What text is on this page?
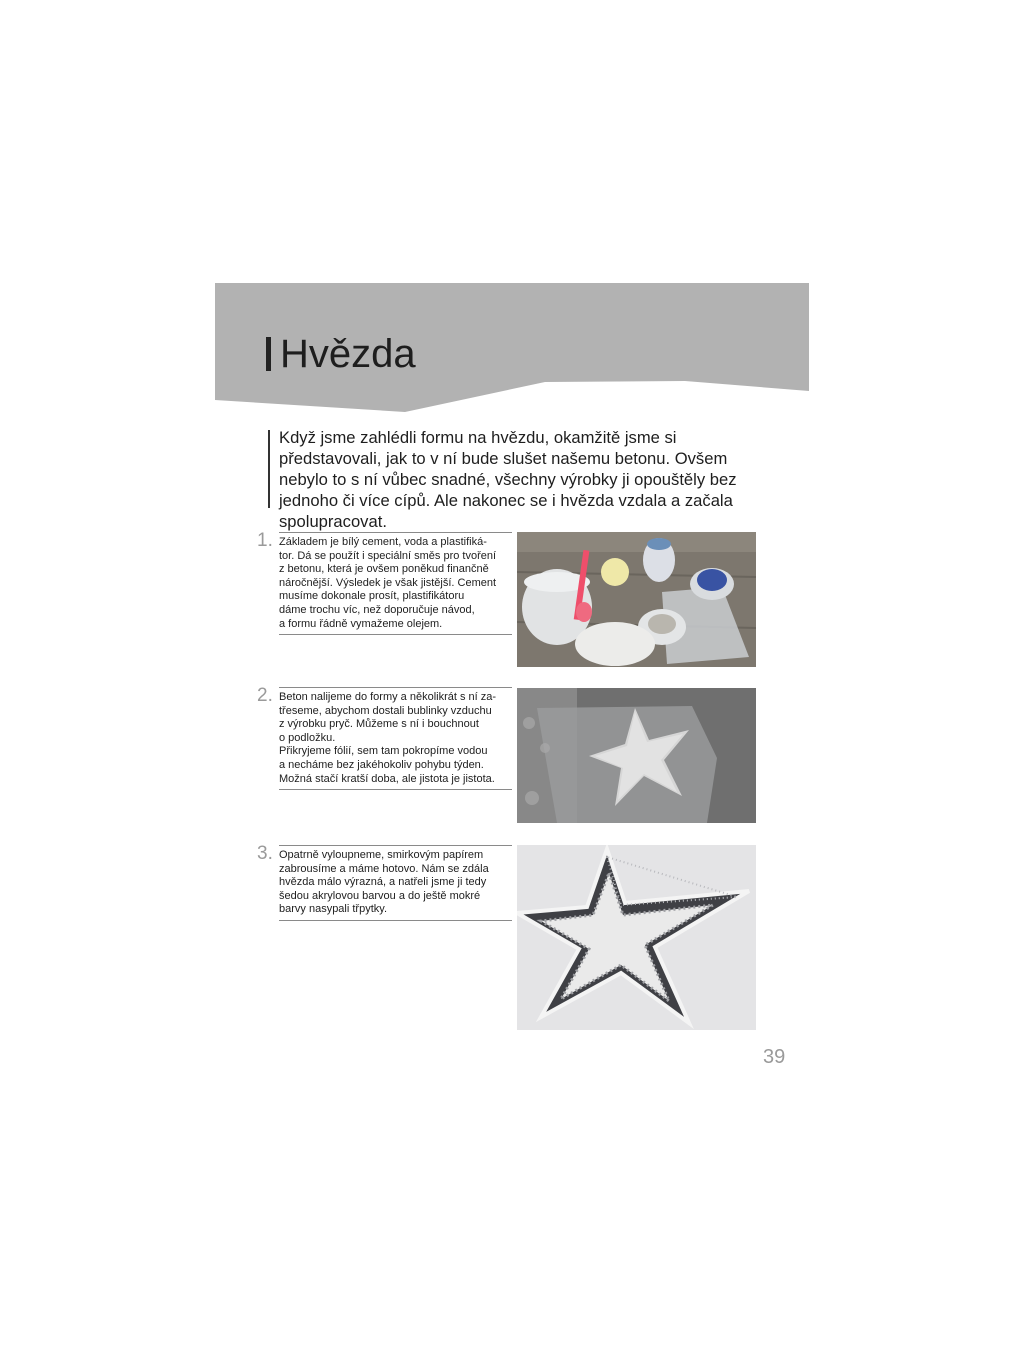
Hvězda

Když jsme zahlédli formu na hvězdu, okamžitě jsme si představovali, jak to v ní bude slušet našemu betonu. Ovšem nebylo to s ní vůbec snadné, všechny výrobky ji opouštěly bez jednoho či více cípů. Ale nakonec se i hvězda vzdala a začala spolupracovat.

1. Základem je bílý cement, voda a plastifiká-
tor. Dá se použít i speciální směs pro tvoření
z betonu, která je ovšem poněkud finančně
náročnější. Výsledek je však jistější. Cement
musíme dokonale prosít, plastifikátoru
dáme trochu víc, než doporučuje návod,
a formu řádně vymažeme olejem.
2. Beton nalijeme do formy a několikrát s ní za-
třeseme, abychom dostali bublinky vzduchu
z výrobku pryč. Můžeme s ní i bouchnout
o podložku.
Přikryjeme fólií, sem tam pokropíme vodou
a necháme bez jakéhokoliv pohybu týden.
Možná stačí kratší doba, ale jistota je jistota.
3. Opatrně vyloupneme, smirkovým papírem
zabrousíme a máme hotovo. Nám se zdála
hvězda málo výrazná, a natřeli jsme ji tedy
šedou akrylovou barvou a do ještě mokré
barvy nasypali třpytky.
39
